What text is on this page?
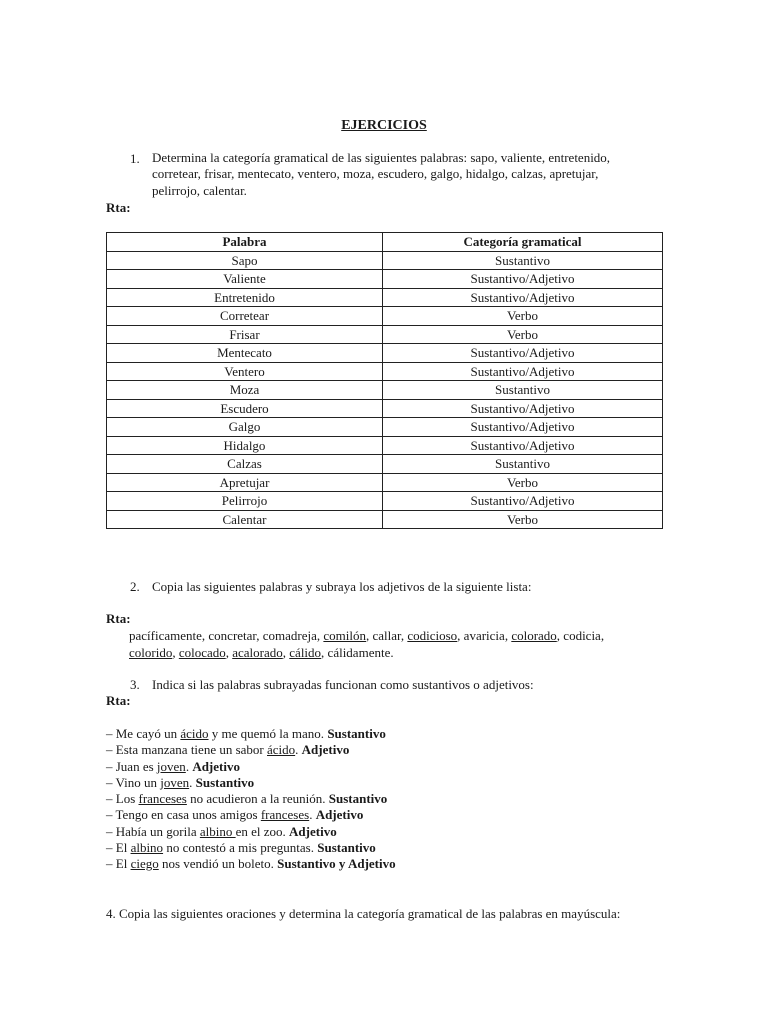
EJERCICIOS
1. Determina la categoría gramatical de las siguientes palabras: sapo, valiente, entretenido,
corretear, frisar, mentecato, ventero, moza, escudero, galgo, hidalgo, calzas, apretujar,
pelirrojo, calentar.
Rta:
Palabra	Categoría gramatical
Sapo	Sustantivo
Valiente	Sustantivo/Adjetivo
Entretenido	Sustantivo/Adjetivo
Corretear	Verbo
Frisar	Verbo
Mentecato	Sustantivo/Adjetivo
Ventero	Sustantivo/Adjetivo
Moza	Sustantivo
Escudero	Sustantivo/Adjetivo
Galgo	Sustantivo/Adjetivo
Hidalgo	Sustantivo/Adjetivo
Calzas	Sustantivo
Apretujar	Verbo
Pelirrojo	Sustantivo/Adjetivo
Calentar	Verbo
2. Copia las siguientes palabras y subraya los adjetivos de la siguiente lista:
Rta:
pacíficamente, concretar, comadreja, comilón, callar, codicioso, avaricia, colorado, codicia,
colorido, colocado, acalorado, cálido, cálidamente.
3. Indica si las palabras subrayadas funcionan como sustantivos o adjetivos:
Rta:
– Me cayó un ácido y me quemó la mano. Sustantivo
– Esta manzana tiene un sabor ácido. Adjetivo
– Juan es joven. Adjetivo
– Vino un joven. Sustantivo
– Los franceses no acudieron a la reunión. Sustantivo
– Tengo en casa unos amigos franceses. Adjetivo
– Había un gorila albino en el zoo. Adjetivo
– El albino no contestó a mis preguntas. Sustantivo
– El ciego nos vendió un boleto. Sustantivo y Adjetivo
4. Copia las siguientes oraciones y determina la categoría gramatical de las palabras en mayúscula:
